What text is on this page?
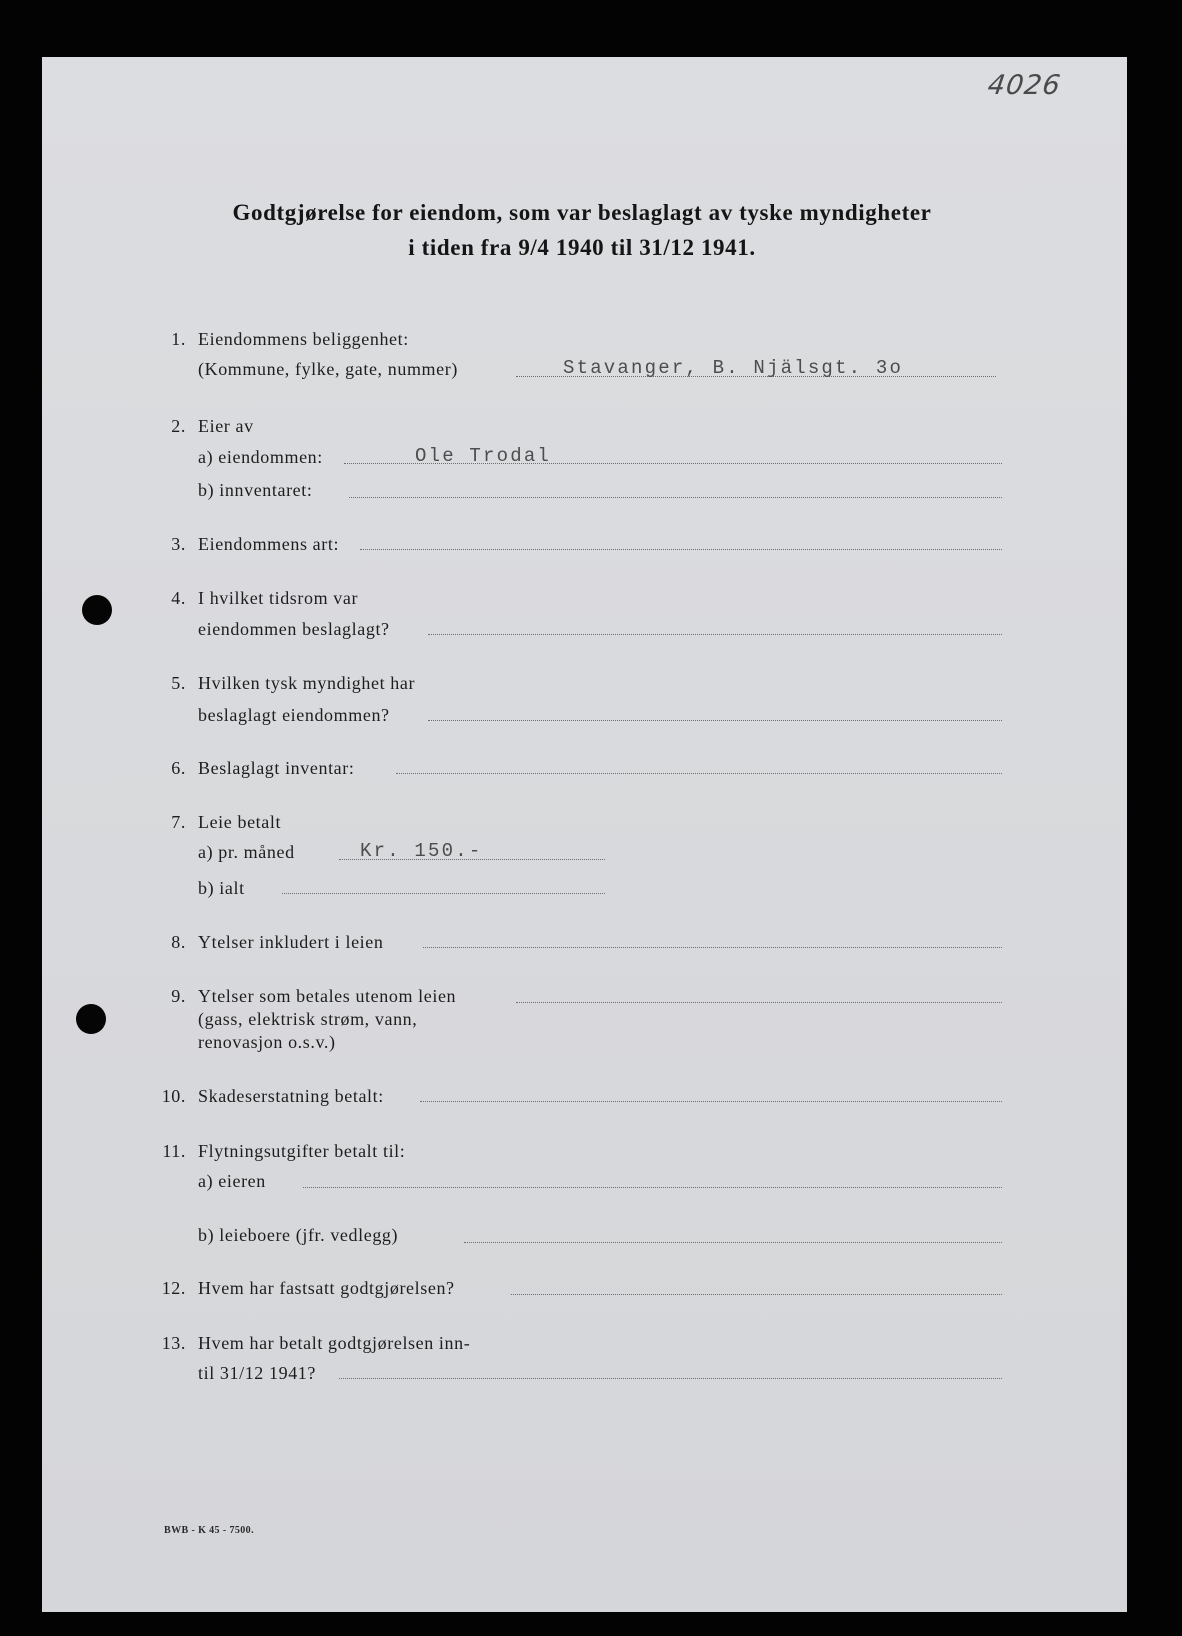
4026
Godtgjørelse for eiendom, som var beslaglagt av tyske myndigheter
i tiden fra 9/4 1940 til 31/12 1941.
1. Eiendommens beliggenhet:
(Kommune, fylke, gate, nummer)	Stavanger, B. Njälsgt. 3o
2. Eier av
a) eiendommen:	Ole Trodal
b) innventaret:
3. Eiendommens art:
4. I hvilket tidsrom var
eiendommen beslaglagt?
5. Hvilken tysk myndighet har
beslaglagt eiendommen?
6. Beslaglagt inventar:
7. Leie betalt
a) pr. måned	Kr. 150.-
b) ialt
8. Ytelser inkludert i leien
9. Ytelser som betales utenom leien
(gass, elektrisk strøm, vann,
renovasjon o.s.v.)
10. Skadeserstatning betalt:
11. Flytningsutgifter betalt til:
a) eieren
b) leieboere (jfr. vedlegg)
12. Hvem har fastsatt godtgjørelsen?
13. Hvem har betalt godtgjørelsen inn-
til 31/12 1941?
BWB - K 45 - 7500.
